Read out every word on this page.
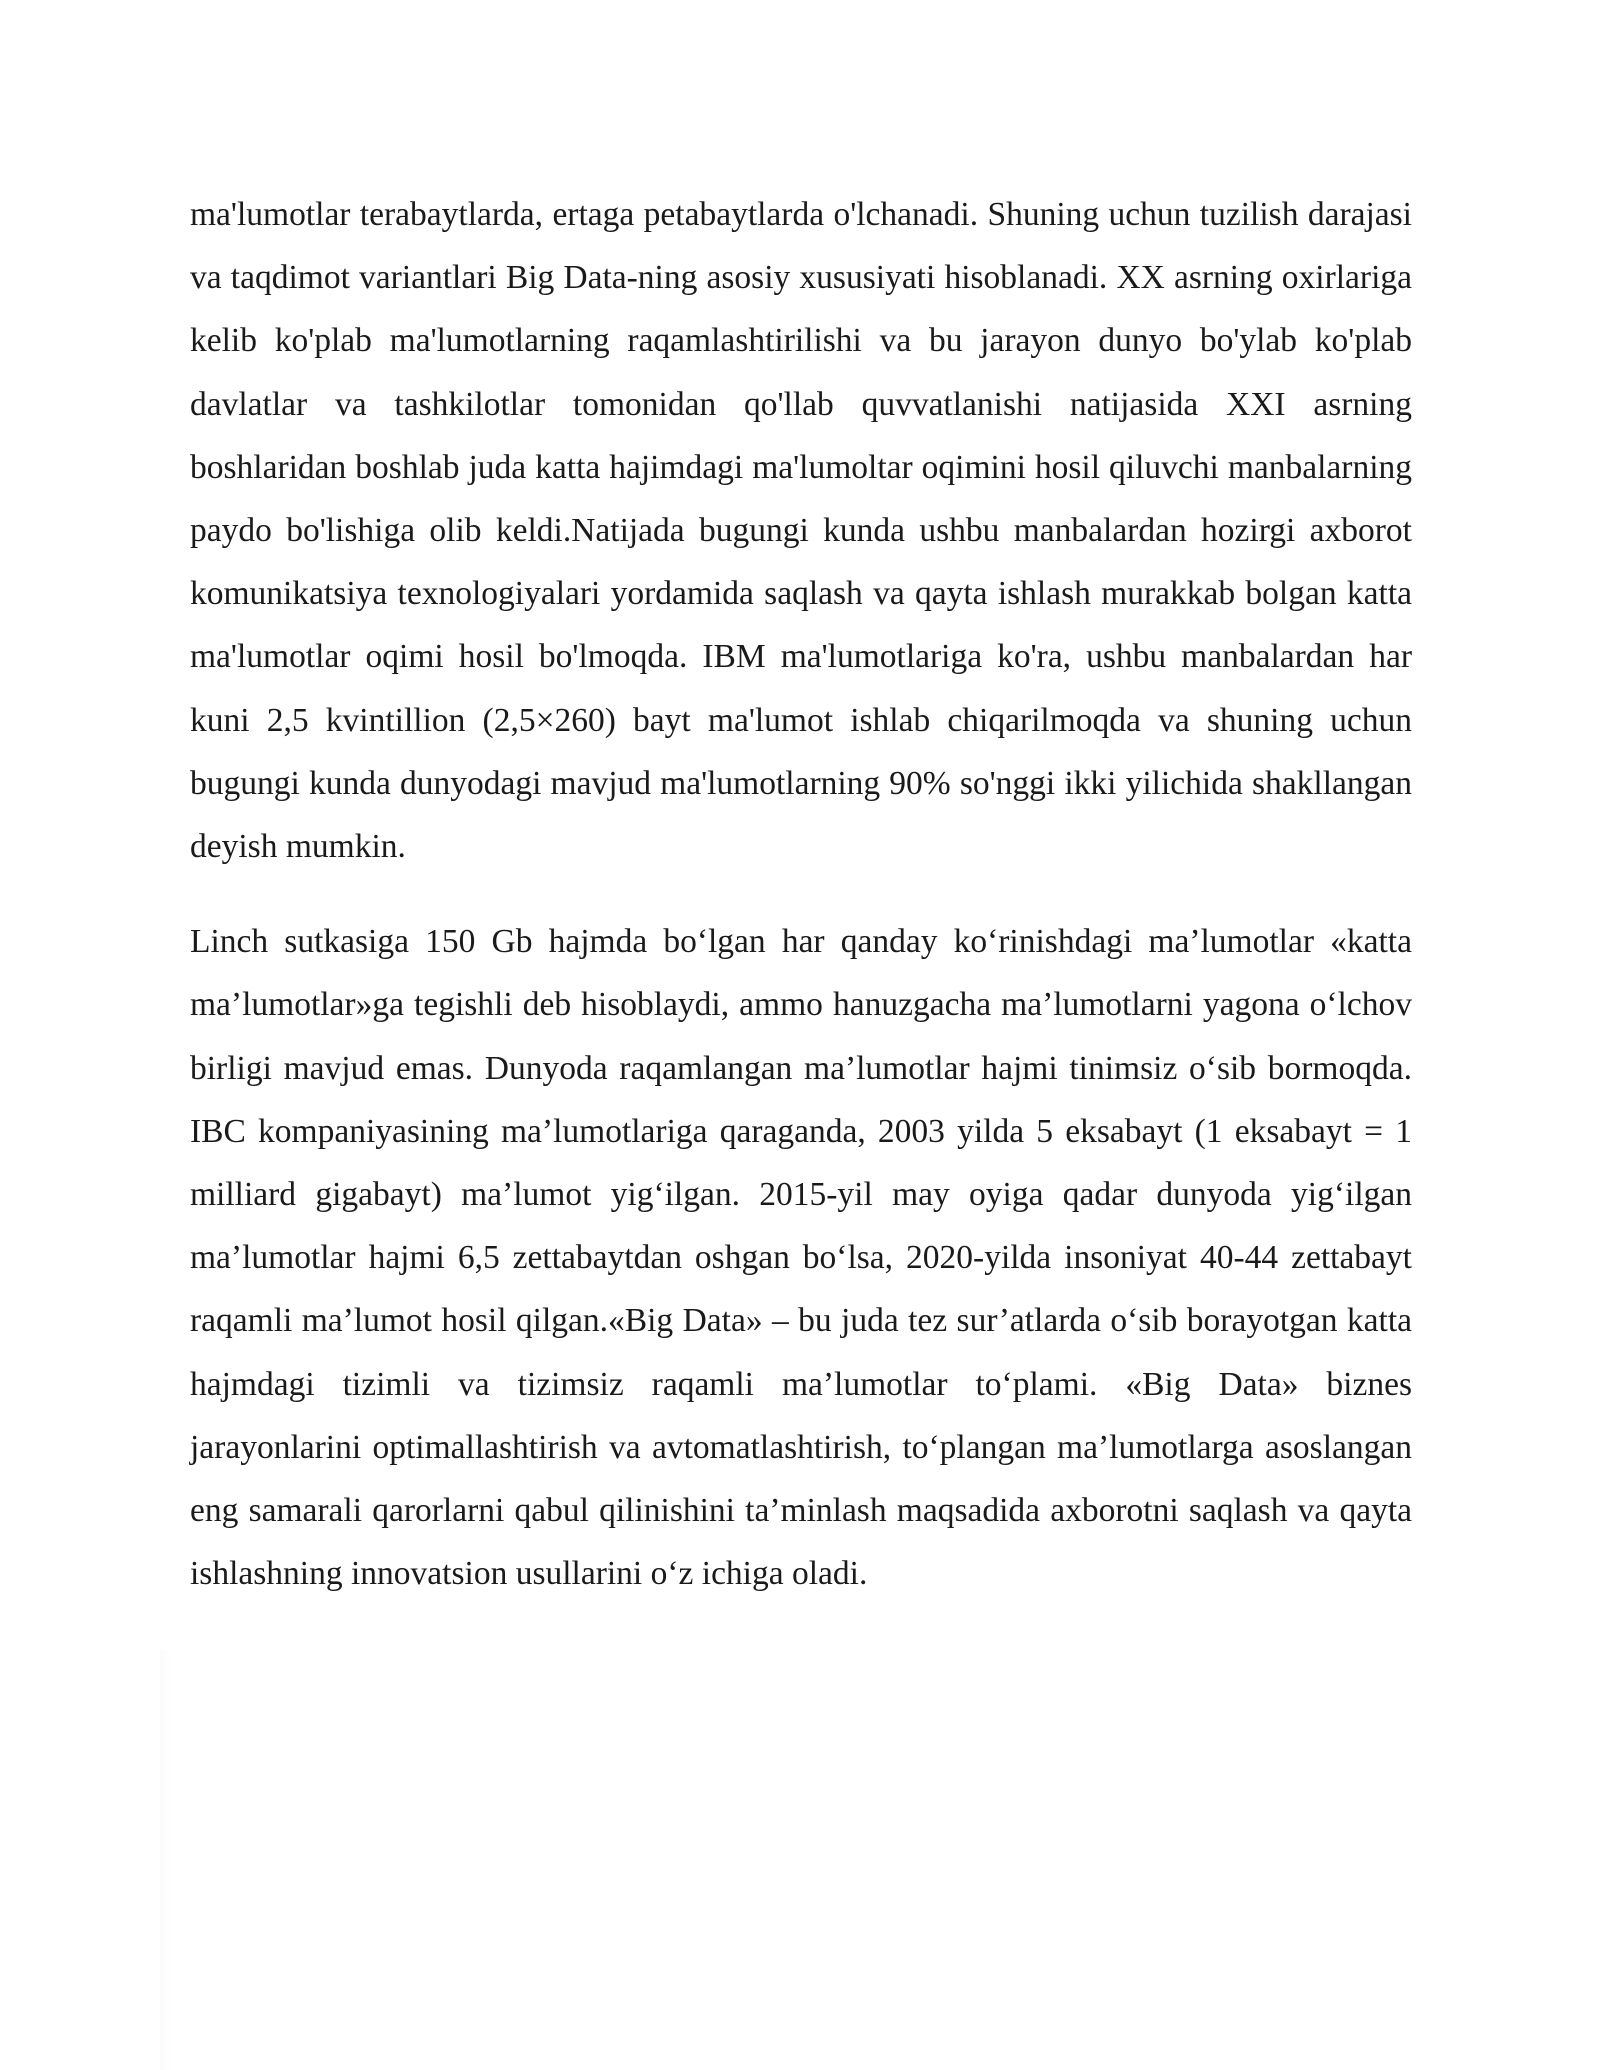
ma'lumotlar terabaytlarda, ertaga petabaytlarda o'lchanadi. Shuning uchun tuzilish darajasi va taqdimot variantlari Big Data-ning asosiy xususiyati hisoblanadi. XX asrning oxirlariga kelib ko'plab ma'lumotlarning raqamlashtirilishi va bu jarayon dunyo bo'ylab ko'plab davlatlar va tashkilotlar tomonidan qo'llab quvvatlanishi natijasida XXI asrning boshlaridan boshlab juda katta hajimdagi ma'lumoltar oqimini hosil qiluvchi manbalarning paydo bo'lishiga olib keldi.Natijada bugungi kunda ushbu manbalardan hozirgi axborot komunikatsiya texnologiyalari yordamida saqlash va qayta ishlash murakkab bolgan katta ma'lumotlar oqimi hosil bo'lmoqda. IBM ma'lumotlariga ko'ra, ushbu manbalardan har kuni 2,5 kvintillion (2,5×260) bayt ma'lumot ishlab chiqarilmoqda va shuning uchun bugungi kunda dunyodagi mavjud ma'lumotlarning 90% so'nggi ikki yilichida shakllangan deyish mumkin.

Linch sutkasiga 150 Gb hajmda bo‘lgan har qanday ko‘rinishdagi ma’lumotlar «katta ma’lumotlar»ga tegishli deb hisoblaydi, ammo hanuzgacha ma’lumotlarni yagona o‘lchov birligi mavjud emas. Dunyoda raqamlangan ma’lumotlar hajmi tinimsiz o‘sib bormoqda. IBC kompaniyasining ma’lumotlariga qaraganda, 2003 yilda 5 eksabayt (1 eksabayt = 1 milliard gigabayt) ma’lumot yig‘ilgan. 2015-yil may oyiga qadar dunyoda yig‘ilgan ma’lumotlar hajmi 6,5 zettabaytdan oshgan bo‘lsa, 2020-yilda insoniyat 40-44 zettabayt raqamli ma’lumot hosil qilgan.«Big Data» – bu juda tez sur’atlarda o‘sib borayotgan katta hajmdagi tizimli va tizimsiz raqamli ma’lumotlar to‘plami. «Big Data» biznes jarayonlarini optimallashtirish va avtomatlashtirish, to‘plangan ma’lumotlarga asoslangan eng samarali qarorlarni qabul qilinishini ta’minlash maqsadida axborotni saqlash va qayta ishlashning innovatsion usullarini o‘z ichiga oladi.
